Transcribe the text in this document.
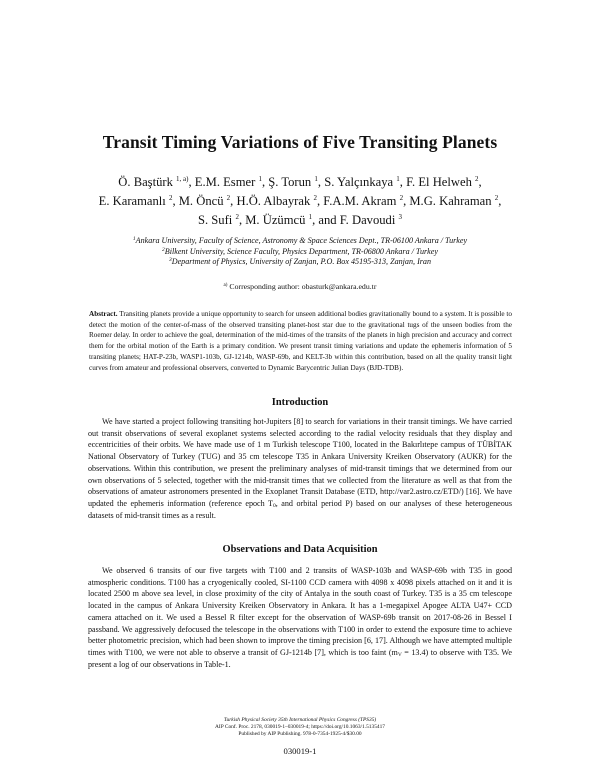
Transit Timing Variations of Five Transiting Planets
Ö. Baştürk $^{1, a)}$, E.M. Esmer $^1$, Ş. Torun $^1$, S. Yalçınkaya $^1$, F. El Helweh $^2$,
E. Karamanlı $^2$, M. Öncü $^2$, H.Ö. Albayrak $^2$, F.A.M. Akram $^2$, M.G. Kahraman $^2$,
S. Sufi $^2$, M. Üzümcü $^1$, and F. Davoudi $^3$
$^1$Ankara University, Faculty of Science, Astronomy & Space Sciences Dept., TR-06100 Ankara / Turkey
$^2$Bilkent University, Science Faculty, Physics Department, TR-06800 Ankara / Turkey
$^3$Department of Physics, University of Zanjan, P.O. Box 45195-313, Zanjan, Iran
$^{a)}$ Corresponding author: obasturk@ankara.edu.tr
Abstract. Transiting planets provide a unique opportunity to search for unseen additional bodies gravitationally bound to a system. It is possible to detect the motion of the center-of-mass of the observed transiting planet-host star due to the gravitational tugs of the unseen bodies from the Roemer delay. In order to achieve the goal, determination of the mid-times of the transits of the planets in high precision and accuracy and correct them for the orbital motion of the Earth is a primary condition. We present transit timing variations and update the ephemeris information of 5 transiting planets; HAT-P-23b, WASP1-103b, GJ-1214b, WASP-69b, and KELT-3b within this contribution, based on all the quality transit light curves from amateur and professional observers, converted to Dynamic Barycentric Julian Days (BJD-TDB).
Introduction
We have started a project following transiting hot-Jupiters [8] to search for variations in their transit timings. We have carried out transit observations of several exoplanet systems selected according to the radial velocity residuals that they display and eccentricities of their orbits. We have made use of 1 m Turkish telescope T100, located in the Bakırlıtepe campus of TÜBİTAK National Observatory of Turkey (TUG) and 35 cm telescope T35 in Ankara University Kreiken Observatory (AUKR) for the observations. Within this contribution, we present the preliminary analyses of mid-transit timings that we determined from our own observations of 5 selected, together with the mid-transit times that we collected from the literature as well as that from the observations of amateur astronomers presented in the Exoplanet Transit Database (ETD, http://var2.astro.cz/ETD/) [16]. We have updated the ephemeris information (reference epoch $T_0$, and orbital period P) based on our analyses of these heterogeneous datasets of mid-transit times as a result.
Observations and Data Acquisition
We observed 6 transits of our five targets with T100 and 2 transits of WASP-103b and WASP-69b with T35 in good atmospheric conditions. T100 has a cryogenically cooled, SI-1100 CCD camera with 4098 x 4098 pixels attached on it and it is located 2500 m above sea level, in close proximity of the city of Antalya in the south coast of Turkey. T35 is a 35 cm telescope located in the campus of Ankara University Kreiken Observatory in Ankara. It has a 1-megapixel Apogee ALTA U47+ CCD camera attached on it. We used a Bessel R filter except for the observation of WASP-69b transit on 2017-08-26 in Bessel I passband. We aggressively defocused the telescope in the observations with T100 in order to extend the exposure time to achieve better photometric precision, which had been shown to improve the timing precision [6, 17]. Although we have attempted multiple times with T100, we were not able to observe a transit of GJ-1214b [7], which is too faint $(m_V = 13.4)$ to observe with T35. We present a log of our observations in Table-1.
Turkish Physical Society 35th International Physics Congress (TPS35)
AIP Conf. Proc. 2178, 030019-1–030019-4; https://doi.org/10.1063/1.5135417
Published by AIP Publishing. 978-0-7354-1925-4/$30.00
030019-1
